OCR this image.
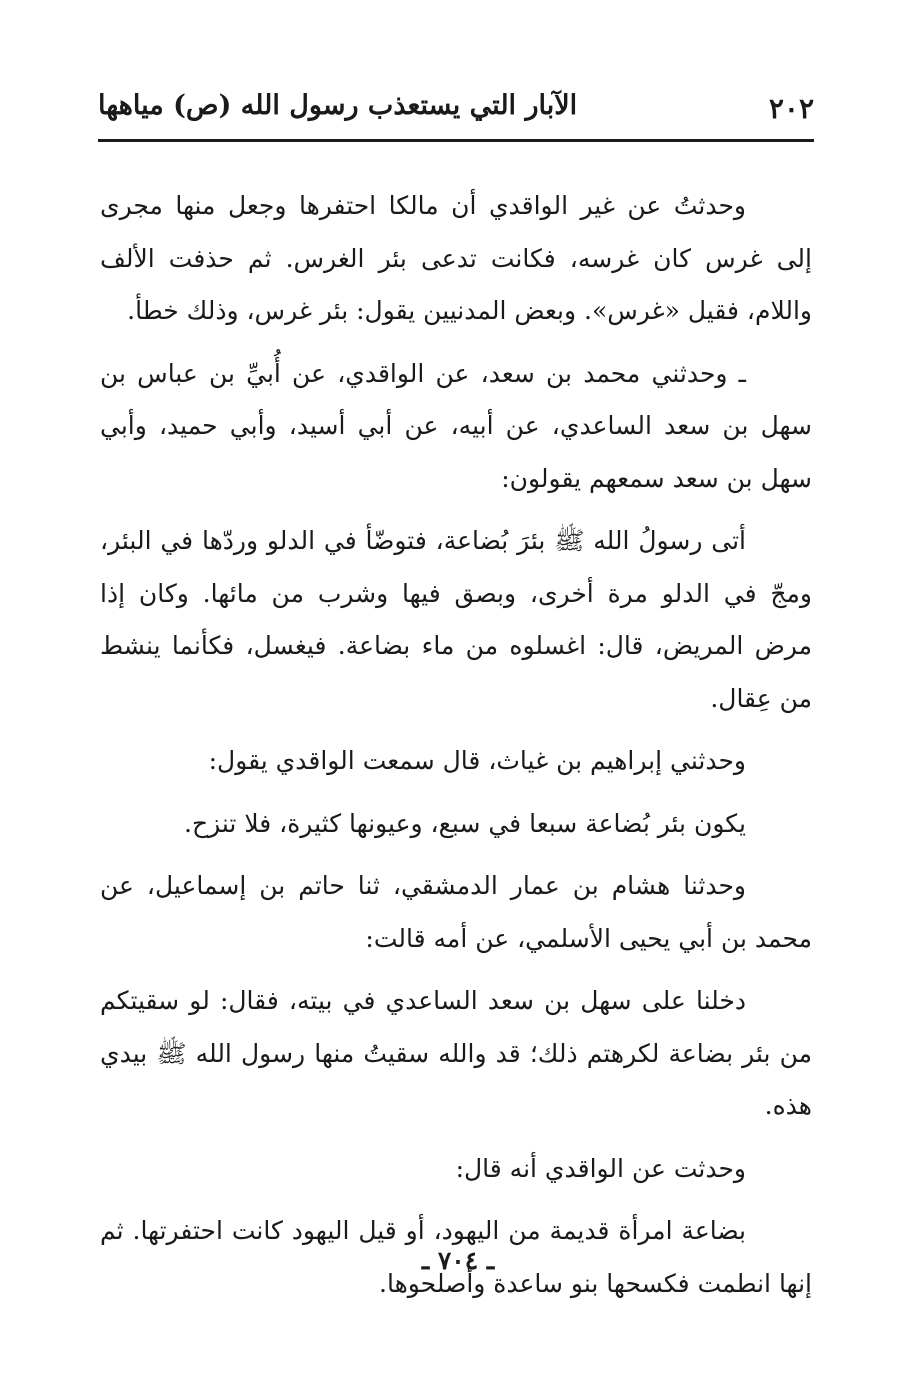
٢٠٢
الآبار التي يستعذب رسول الله (ص) مياهها

وحدثتُ عن غير الواقدي أن مالكا احتفرها وجعل منها مجرى إلى غرس كان غرسه، فكانت تدعى بئر الغرس. ثم حذفت الألف واللام، فقيل «غرس». وبعض المدنيين يقول: بئر غرس، وذلك خطأ.

ـ وحدثني محمد بن سعد، عن الواقدي، عن أُبيِّ بن عباس بن سهل بن سعد الساعدي، عن أبيه، عن أبي أسيد، وأبي حميد، وأبي سهل بن سعد سمعهم يقولون:

أتى رسولُ الله ﷺ بئرَ بُضاعة، فتوضّأ في الدلو وردّها في البئر، ومجّ في الدلو مرة أخرى، وبصق فيها وشرب من مائها. وكان إذا مرض المريض، قال: اغسلوه من ماء بضاعة. فيغسل، فكأنما ينشط من عِقال.

وحدثني إبراهيم بن غياث، قال سمعت الواقدي يقول:

يكون بئر بُضاعة سبعا في سبع، وعيونها كثيرة، فلا تنزح.

وحدثنا هشام بن عمار الدمشقي، ثنا حاتم بن إسماعيل، عن محمد بن أبي يحيى الأسلمي، عن أمه قالت:

دخلنا على سهل بن سعد الساعدي في بيته، فقال: لو سقيتكم من بئر بضاعة لكرهتم ذلك؛ قد والله سقيتُ منها رسول الله ﷺ بيدي هذه.

وحدثت عن الواقدي أنه قال:

بضاعة امرأة قديمة من اليهود، أو قيل اليهود كانت احتفرتها. ثم إنها انطمت فكسحها بنو ساعدة وأصلحوها.

ـ ٧٠٤ ـ
